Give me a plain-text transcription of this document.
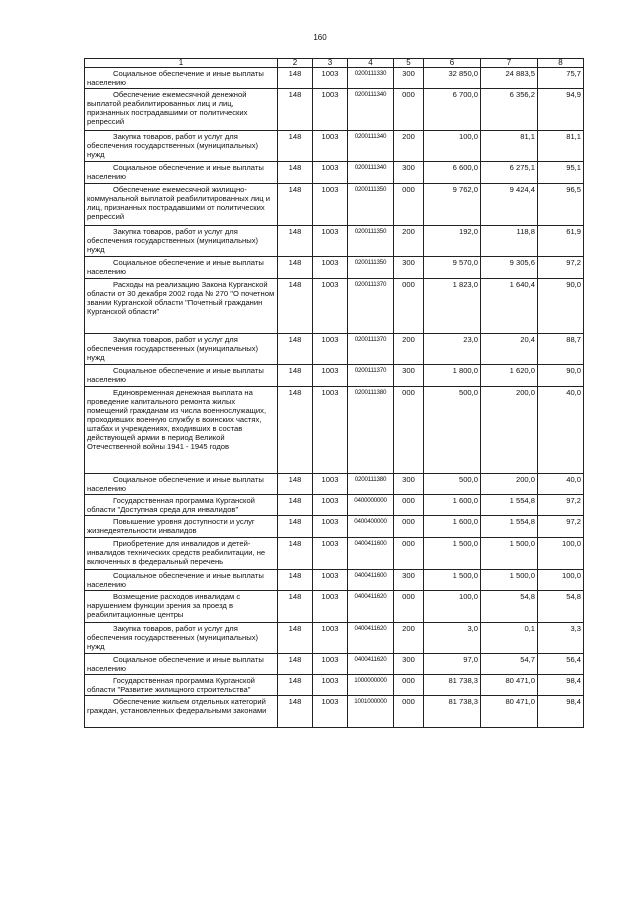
160
1	2	3	4	5	6	7	8

Социальное обеспечение и иные выплаты населению	148	1003	0200111330	300	32 850,0	24 883,5	75,7

Обеспечение ежемесячной денежной выплатой реабилитированных лиц и лиц, признанных пострадавшими от политических репрессий	148	1003	0200111340	000	6 700,0	6 356,2	94,9

Закупка товаров, работ и услуг для обеспечения государственных (муниципальных) нужд	148	1003	0200111340	200	100,0	81,1	81,1

Социальное обеспечение и иные выплаты населению	148	1003	0200111340	300	6 600,0	6 275,1	95,1

Обеспечение ежемесячной жилищно-коммунальной выплатой реабилитированных лиц и лиц, признанных пострадавшими от политических репрессий	148	1003	0200111350	000	9 762,0	9 424,4	96,5

Закупка товаров, работ и услуг для обеспечения государственных (муниципальных) нужд	148	1003	0200111350	200	192,0	118,8	61,9

Социальное обеспечение и иные выплаты населению	148	1003	0200111350	300	9 570,0	9 305,6	97,2

Расходы на реализацию Закона Курганской области от 30 декабря 2002 года № 270 "О почетном звании Курганской области "Почетный гражданин Курганской области"	148	1003	0200111370	000	1 823,0	1 640,4	90,0

Закупка товаров, работ и услуг для обеспечения государственных (муниципальных) нужд	148	1003	0200111370	200	23,0	20,4	88,7

Социальное обеспечение и иные выплаты населению	148	1003	0200111370	300	1 800,0	1 620,0	90,0

Единовременная денежная выплата на проведение капитального ремонта жилых помещений гражданам из числа военнослужащих, проходивших военную службу в воинских частях, штабах и учреждениях, входивших в состав действующей армии в период Великой Отечественной войны 1941 - 1945 годов	148	1003	0200111380	000	500,0	200,0	40,0

Социальное обеспечение и иные выплаты населению	148	1003	0200111380	300	500,0	200,0	40,0

Государственная программа Курганской области "Доступная среда для инвалидов"	148	1003	0400000000	000	1 600,0	1 554,8	97,2

Повышение уровня доступности и услуг жизнедеятельности инвалидов	148	1003	0400400000	000	1 600,0	1 554,8	97,2

Приобретение для инвалидов и детей-инвалидов технических средств реабилитации, не включенных в федеральный перечень	148	1003	0400411600	000	1 500,0	1 500,0	100,0

Социальное обеспечение и иные выплаты населению	148	1003	0400411600	300	1 500,0	1 500,0	100,0

Возмещение расходов инвалидам с нарушением функции зрения за проезд в реабилитационные центры	148	1003	0400411620	000	100,0	54,8	54,8

Закупка товаров, работ и услуг для обеспечения государственных (муниципальных) нужд	148	1003	0400411620	200	3,0	0,1	3,3

Социальное обеспечение и иные выплаты населению	148	1003	0400411620	300	97,0	54,7	56,4

Государственная программа Курганской области "Развитие жилищного строительства"	148	1003	1000000000	000	81 738,3	80 471,0	98,4

Обеспечение жильем отдельных категорий граждан, установленных федеральными законами	148	1003	1001000000	000	81 738,3	80 471,0	98,4
